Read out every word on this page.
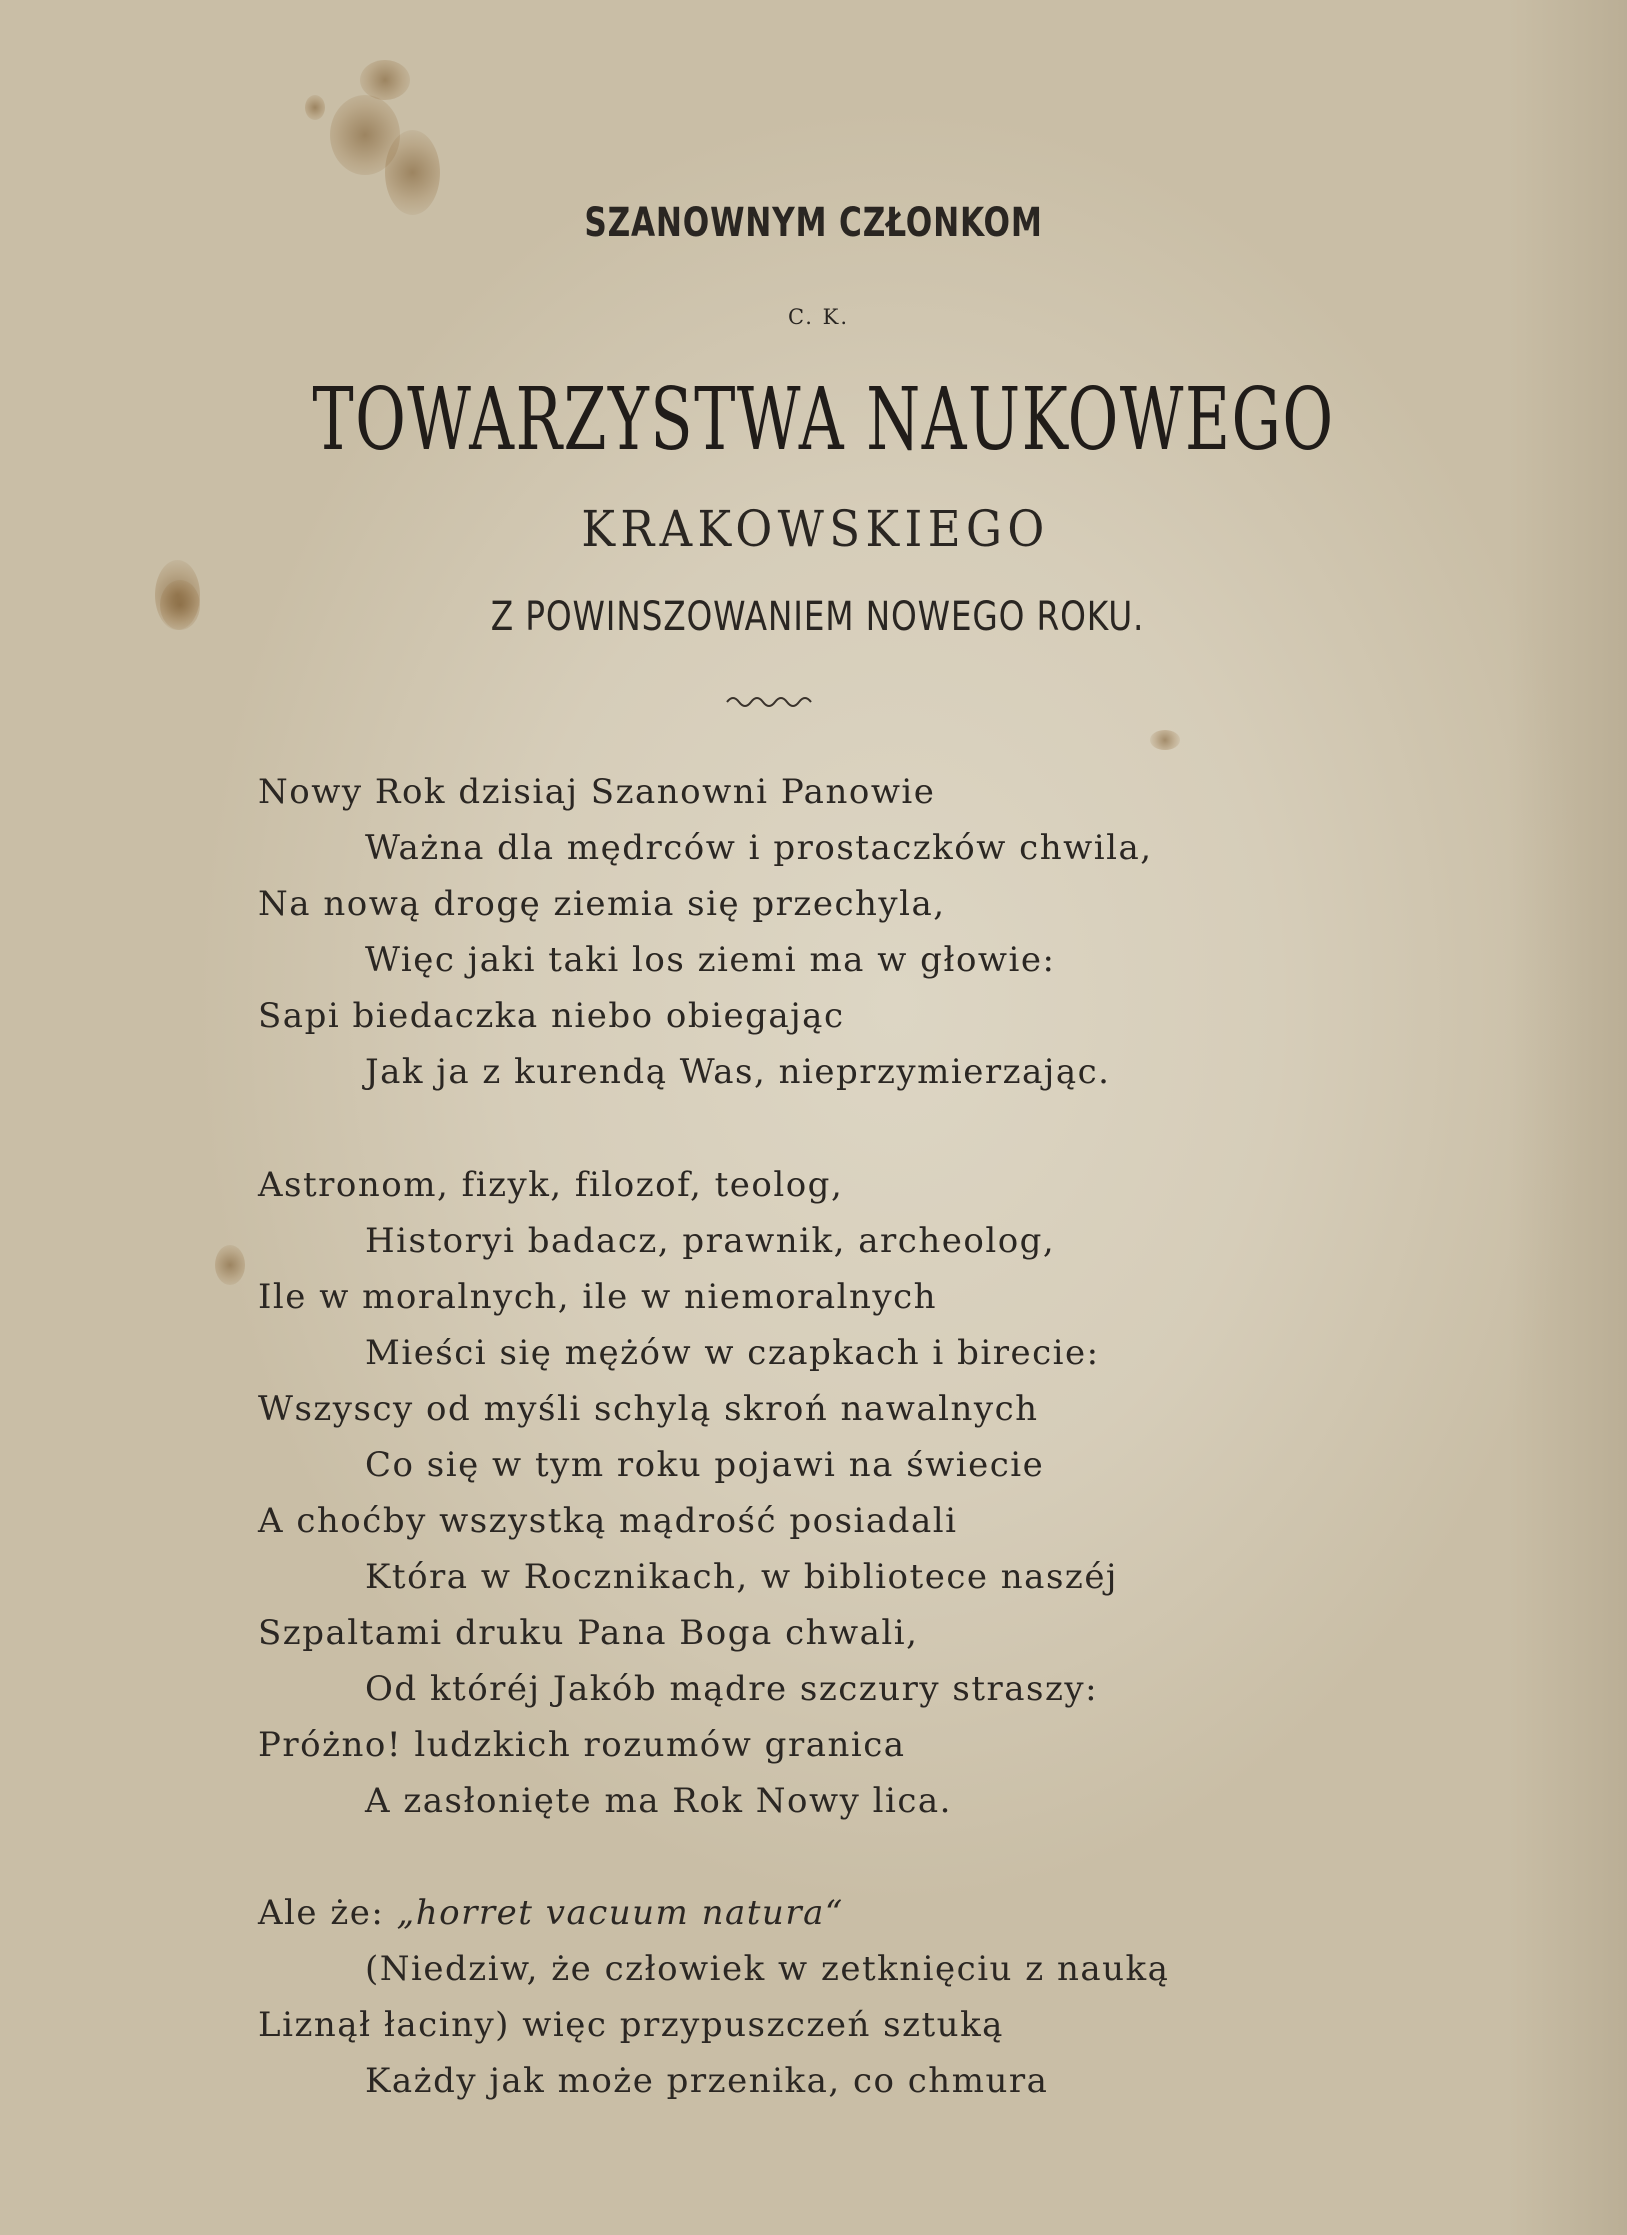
SZANOWNYM CZŁONKOM
C. K.
TOWARZYSTWA NAUKOWEGO
KRAKOWSKIEGO
Z POWINSZOWANIEM NOWEGO ROKU.

Nowy Rok dzisiaj Szanowni Panowie

Ważna dla mędrców i prostaczków chwila,

Na nową drogę ziemia się przechyla,

Więc jaki taki los ziemi ma w głowie:

Sapi biedaczka niebo obiegając

Jak ja z kurendą Was, nieprzymierzając.

Astronom, fizyk, filozof, teolog,

Historyi badacz, prawnik, archeolog,

Ile w moralnych, ile w niemoralnych

Mieści się mężów w czapkach i birecie:

Wszyscy od myśli schylą skroń nawalnych

Co się w tym roku pojawi na świecie

A choćby wszystką mądrość posiadali

Która w Rocznikach, w bibliotece naszéj

Szpaltami druku Pana Boga chwali,

Od któréj Jakób mądre szczury straszy:

Próżno! ludzkich rozumów granica

A zasłonięte ma Rok Nowy lica.

Ale że: „horret vacuum natura“

(Niedziw, że człowiek w zetknięciu z nauką

Liznął łaciny) więc przypuszczeń sztuką

Każdy jak może przenika, co chmura
